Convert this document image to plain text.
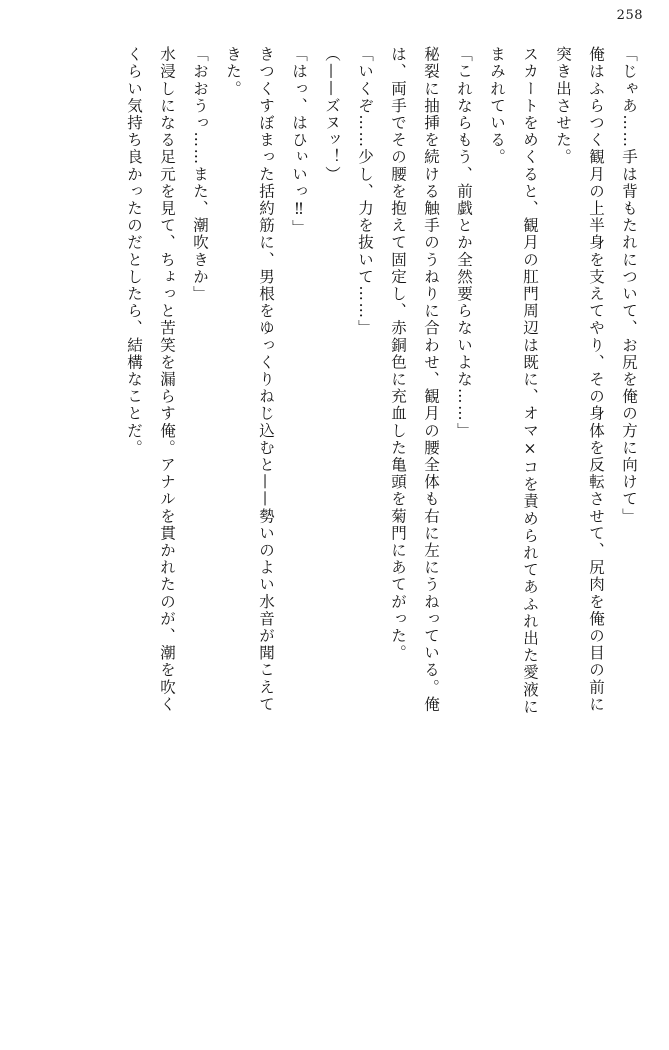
258
「じゃあ……手は背もたれについて、お尻を俺の方に向けて」
俺はふらつく観月の上半身を支えてやり、その身体を反転させて、尻肉を俺の目の前に
突き出させた。
スカートをめくると、観月の肛門周辺は既に、オマ×コを責められてあふれ出た愛液に
まみれている。
「これならもう、前戯とか全然要らないよな……」
秘裂に抽挿を続ける触手のうねりに合わせ、観月の腰全体も右に左にうねっている。俺
は、両手でその腰を抱えて固定し、赤銅色に充血した亀頭を菊門にあてがった。
「いくぞ……少し、力を抜いて……」
（——ズヌッ！）
「はっ、はひぃいっ‼」
きつくすぼまった括約筋に、男根をゆっくりねじ込むと——勢いのよい水音が聞こえて
きた。
「おおうっ……また、潮吹きか」
水浸しになる足元を見て、ちょっと苦笑を漏らす俺。アナルを貫かれたのが、潮を吹く
くらい気持ち良かったのだとしたら、結構なことだ。
